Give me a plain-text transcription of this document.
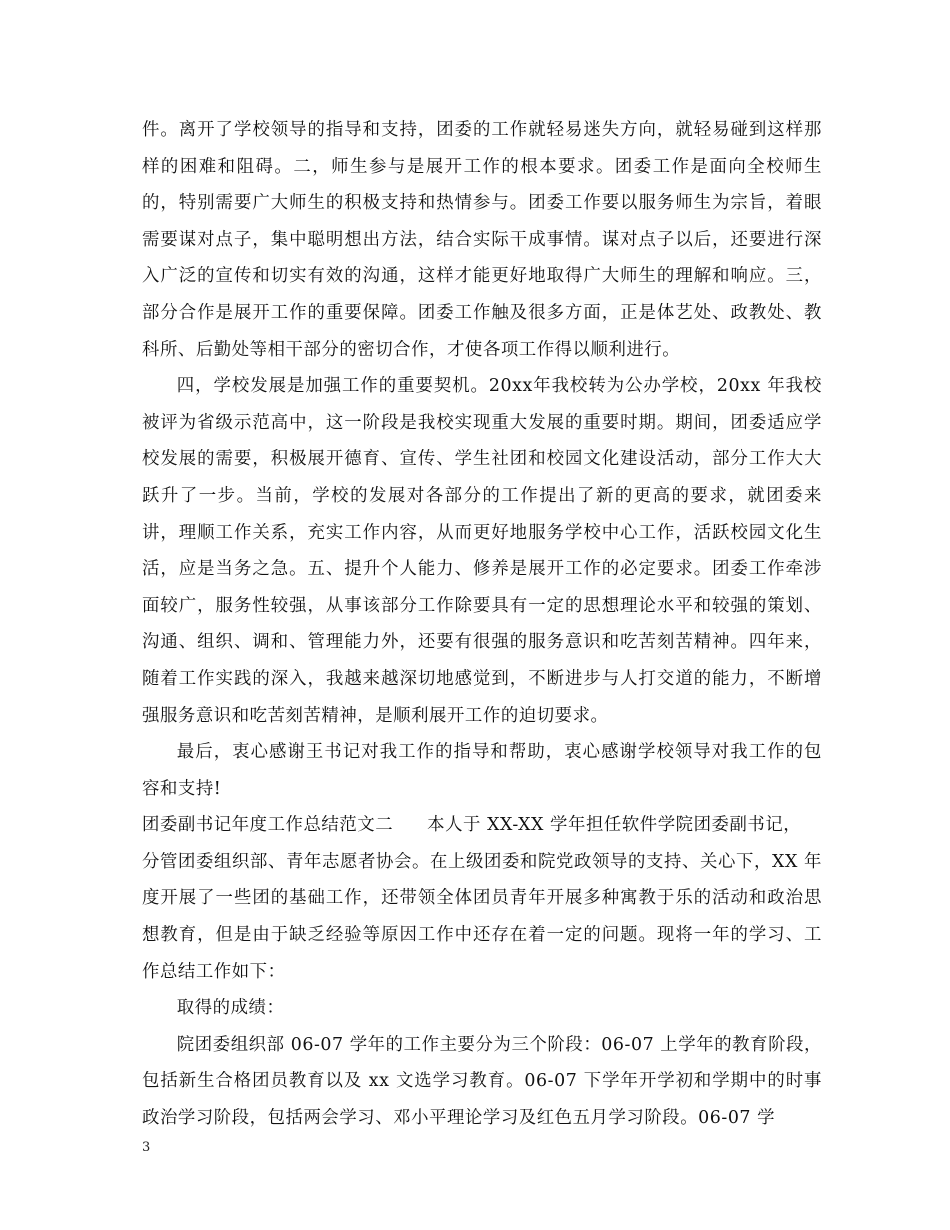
件。离开了学校领导的指导和支持，团委的工作就轻易迷失方向，就轻易碰到这样那样的困难和阻碍。二，师生参与是展开工作的根本要求。团委工作是面向全校师生的，特别需要广大师生的积极支持和热情参与。团委工作要以服务师生为宗旨，着眼需要谋对点子，集中聪明想出方法，结合实际干成事情。谋对点子以后，还要进行深入广泛的宣传和切实有效的沟通，这样才能更好地取得广大师生的理解和响应。三，部分合作是展开工作的重要保障。团委工作触及很多方面，正是体艺处、政教处、教科所、后勤处等相干部分的密切合作，才使各项工作得以顺利进行。

四，学校发展是加强工作的重要契机。20xx年我校转为公办学校，20xx 年我校被评为省级示范高中，这一阶段是我校实现重大发展的重要时期。期间，团委适应学校发展的需要，积极展开德育、宣传、学生社团和校园文化建设活动，部分工作大大跃升了一步。当前，学校的发展对各部分的工作提出了新的更高的要求，就团委来讲，理顺工作关系，充实工作内容，从而更好地服务学校中心工作，活跃校园文化生活，应是当务之急。五、提升个人能力、修养是展开工作的必定要求。团委工作牵涉面较广，服务性较强，从事该部分工作除要具有一定的思想理论水平和较强的策划、沟通、组织、调和、管理能力外，还要有很强的服务意识和吃苦刻苦精神。四年来，随着工作实践的深入，我越来越深切地感觉到，不断进步与人打交道的能力，不断增强服务意识和吃苦刻苦精神，是顺利展开工作的迫切要求。

最后，衷心感谢王书记对我工作的指导和帮助，衷心感谢学校领导对我工作的包容和支持!

团委副书记年度工作总结范文二 本人于 XX-XX 学年担任软件学院团委副书记，

分管团委组织部、青年志愿者协会。在上级团委和院党政领导的支持、关心下，XX 年度开展了一些团的基础工作，还带领全体团员青年开展多种寓教于乐的活动和政治思想教育，但是由于缺乏经验等原因工作中还存在着一定的问题。现将一年的学习、工作总结工作如下：

取得的成绩：

院团委组织部 06-07 学年的工作主要分为三个阶段：06-07 上学年的教育阶段，包括新生合格团员教育以及 xx 文选学习教育。06-07 下学年开学初和学期中的时事政治学习阶段，包括两会学习、邓小平理论学习及红色五月学习阶段。06-07 学

3
